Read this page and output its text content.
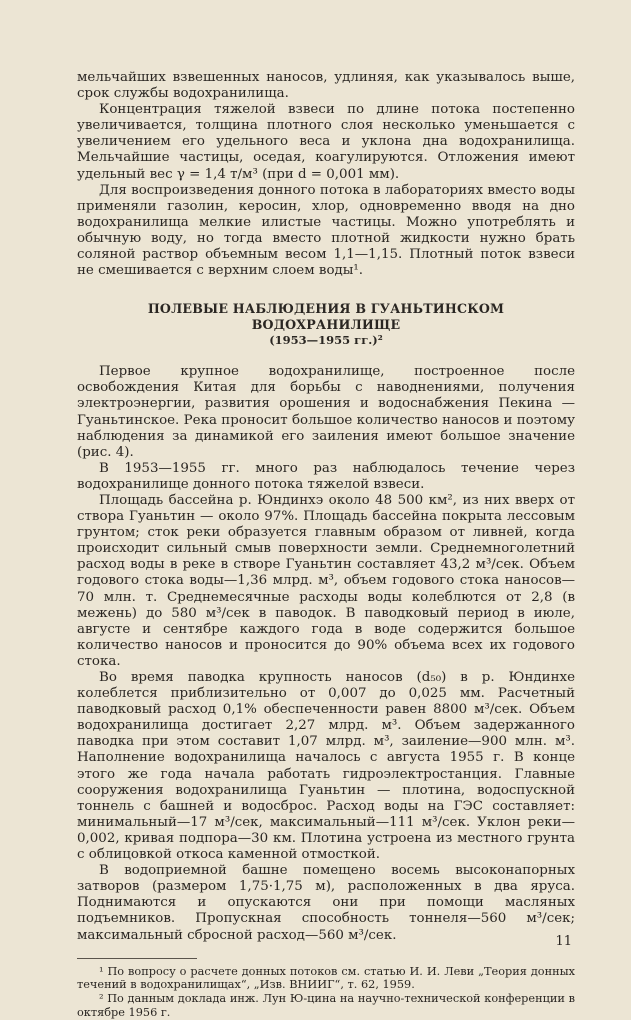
мельчайших взвешенных наносов, удлиняя, как указывалось выше, срок службы водохранилища.

Концентрация тяжелой взвеси по длине потока постепенно увеличивается, толщина плотного слоя несколько уменьшается с увеличением его удельного веса и уклона дна водохранилища. Мельчайшие частицы, оседая, коагулируются. Отложения имеют удельный вес γ = 1,4 т/м³ (при d = 0,001 мм).

Для воспроизведения донного потока в лабораториях вместо воды применяли газолин, керосин, хлор, одновременно вводя на дно водохранилища мелкие илистые частицы. Можно употреблять и обычную воду, но тогда вместо плотной жидкости нужно брать соляной раствор объемным весом 1,1—1,15. Плотный поток взвеси не смешивается с верхним слоем воды¹.

ПОЛЕВЫЕ НАБЛЮДЕНИЯ В ГУАНЬТИНСКОМ ВОДОХРАНИЛИЩЕ
(1953—1955 гг.)²

Первое крупное водохранилище, построенное после освобождения Китая для борьбы с наводнениями, получения электроэнергии, развития орошения и водоснабжения Пекина — Гуаньтинское. Река проносит большое количество наносов и поэтому наблюдения за динамикой его заиления имеют большое значение (рис. 4).

В 1953—1955 гг. много раз наблюдалось течение через водохранилище донного потока тяжелой взвеси.

Площадь бассейна р. Юндинхэ около 48 500 км², из них вверх от створа Гуаньтин — около 97%. Площадь бассейна покрыта лессовым грунтом; сток реки образуется главным образом от ливней, когда происходит сильный смыв поверхности земли. Среднемноголетний расход воды в реке в створе Гуаньтин составляет 43,2 м³/сек. Объем годового стока воды—1,36 млрд. м³, объем годового стока наносов—70 млн. т. Среднемесячные расходы воды колеблются от 2,8 (в межень) до 580 м³/сек в паводок. В паводковый период в июле, августе и сентябре каждого года в воде содержится большое количество наносов и проносится до 90% объема всех их годового стока.

Во время паводка крупность наносов (d₅₀) в р. Юндинхе колеблется приблизительно от 0,007 до 0,025 мм. Расчетный паводковый расход 0,1% обеспеченности равен 8800 м³/сек. Объем водохранилища достигает 2,27 млрд. м³. Объем задержанного паводка при этом составит 1,07 млрд. м³, заиление—900 млн. м³. Наполнение водохранилища началось с августа 1955 г. В конце этого же года начала работать гидроэлектростанция. Главные сооружения водохранилища Гуаньтин — плотина, водоспускной тоннель с башней и водосброс. Расход воды на ГЭС составляет: минимальный—17 м³/сек, максимальный—111 м³/сек. Уклон реки—0,002, кривая подпора—30 км. Плотина устроена из местного грунта с облицовкой откоса каменной отмосткой.

В водоприемной башне помещено восемь высоконапорных затворов (размером 1,75·1,75 м), расположенных в два яруса. Поднимаются и опускаются они при помощи масляных подъемников. Пропускная способность тоннеля—560 м³/сек; максимальный сбросной расход—560 м³/сек.

¹ По вопросу о расчете донных потоков см. статью И. И. Леви „Теория донных течений в водохранилищах“, „Изв. ВНИИГ“, т. 62, 1959.

² По данным доклада инж. Лун Ю-цина на научно-технической конференции в октябре 1956 г.

11
